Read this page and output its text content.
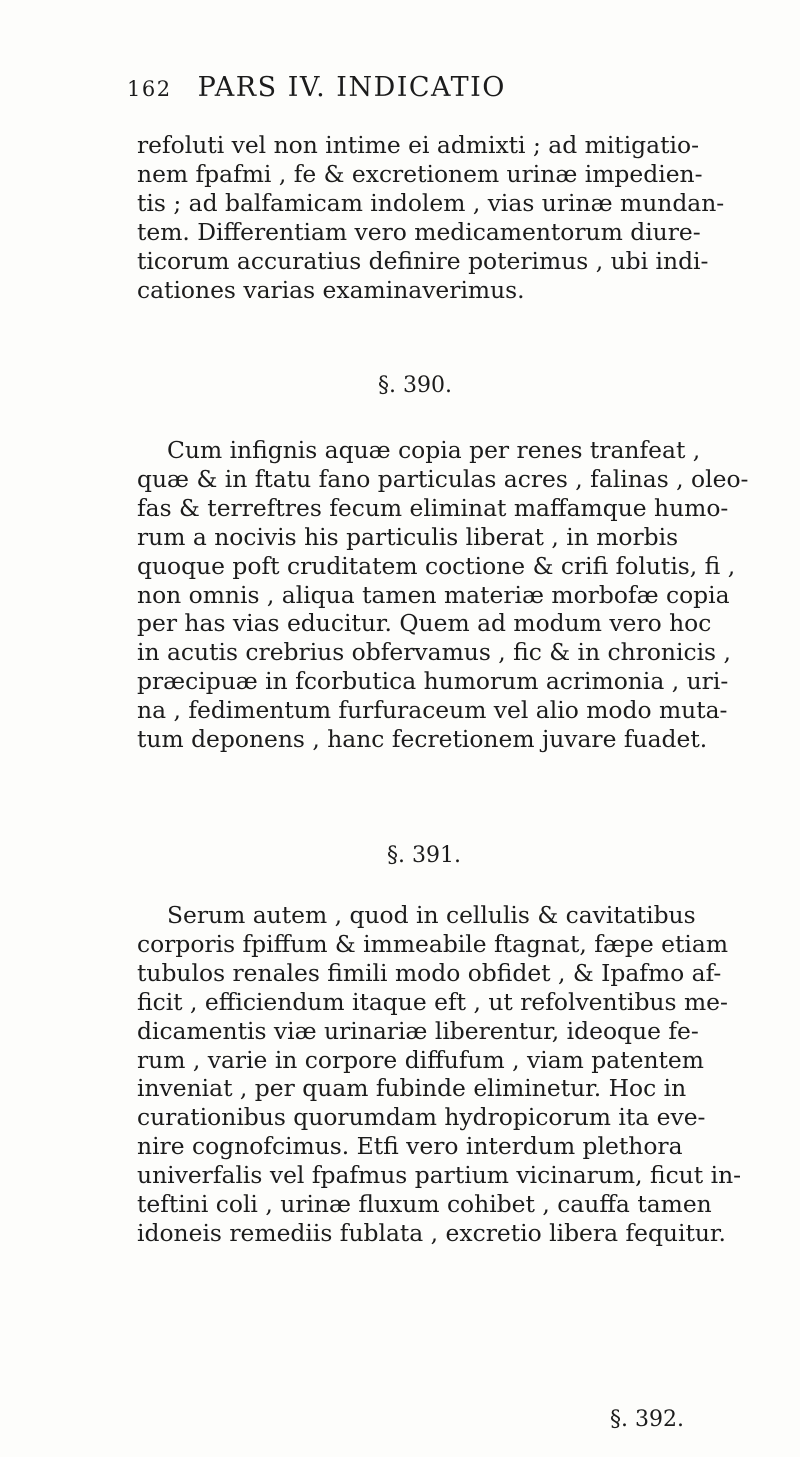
162 PARS IV. INDICATIO
refoluti vel non intime ei admixti ; ad mitigatio-
nem fpafmi , fe & excretionem urinæ impedien-
tis ; ad balfamicam indolem , vias urinæ mundan-
tem. Differentiam vero medicamentorum diure-
ticorum accuratius definire poterimus , ubi indi-
cationes varias examinaverimus.
§. 390.
Cum infignis aquæ copia per renes tranfeat ,
quæ & in ftatu fano particulas acres , falinas , oleo-
fas & terreftres fecum eliminat maffamque humo-
rum a nocivis his particulis liberat , in morbis
quoque poft cruditatem coctione & crifi folutis, fi ,
non omnis , aliqua tamen materiæ morbofæ copia
per has vias educitur. Quem ad modum vero hoc
in acutis crebrius obfervamus , fic & in chronicis ,
præcipuæ in fcorbutica humorum acrimonia , uri-
na , fedimentum furfuraceum vel alio modo muta-
tum deponens , hanc fecretionem juvare fuadet.
§. 391.
Serum autem , quod in cellulis & cavitatibus
corporis fpiffum & immeabile ftagnat, fæpe etiam
tubulos renales fimili modo obfidet , & Ipafmo af-
ficit , efficiendum itaque eft , ut refolventibus me-
dicamentis viæ urinariæ liberentur, ideoque fe-
rum , varie in corpore diffufum , viam patentem
inveniat , per quam fubinde eliminetur. Hoc in
curationibus quorumdam hydropicorum ita eve-
nire cognofcimus. Etfi vero interdum plethora
univerfalis vel fpafmus partium vicinarum, ficut in-
teftini coli , urinæ fluxum cohibet , cauffa tamen
idoneis remediis fublata , excretio libera fequitur.
§. 392.
